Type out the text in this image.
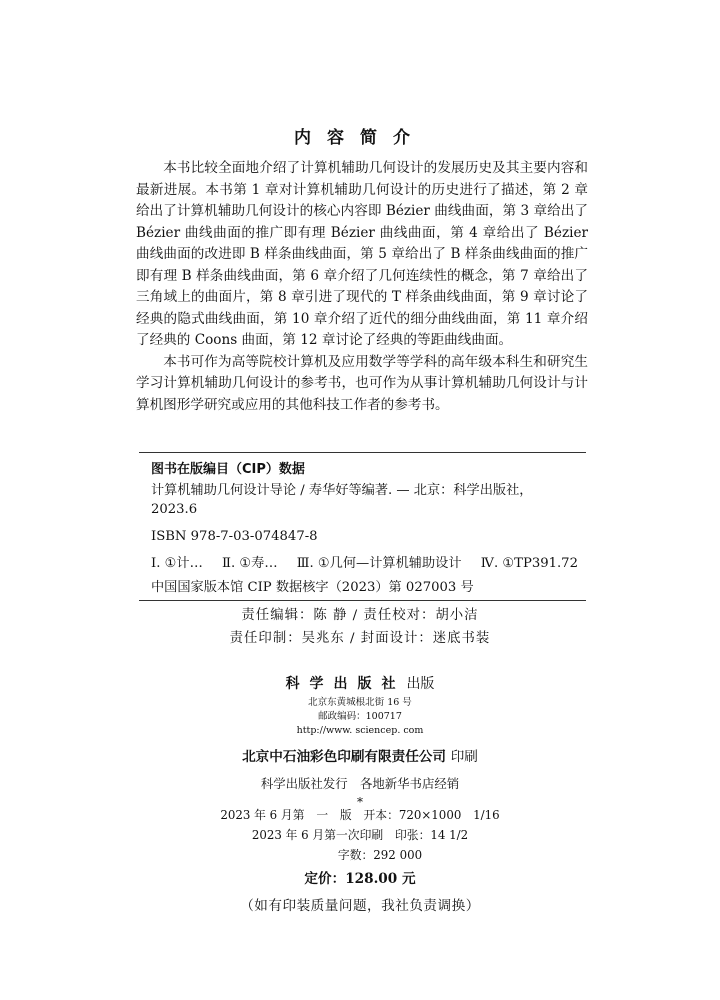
内容简介

本书比较全面地介绍了计算机辅助几何设计的发展历史及其主要内容和最新进展。本书第 1 章对计算机辅助几何设计的历史进行了描述，第 2 章给出了计算机辅助几何设计的核心内容即 Bézier 曲线曲面，第 3 章给出了 Bézier 曲线曲面的推广即有理 Bézier 曲线曲面，第 4 章给出了 Bézier 曲线曲面的改进即 B 样条曲线曲面，第 5 章给出了 B 样条曲线曲面的推广即有理 B 样条曲线曲面，第 6 章介绍了几何连续性的概念，第 7 章给出了三角域上的曲面片，第 8 章引进了现代的 T 样条曲线曲面，第 9 章讨论了经典的隐式曲线曲面，第 10 章介绍了近代的细分曲线曲面，第 11 章介绍了经典的 Coons 曲面，第 12 章讨论了经典的等距曲线曲面。

本书可作为高等院校计算机及应用数学等学科的高年级本科生和研究生学习计算机辅助几何设计的参考书，也可作为从事计算机辅助几何设计与计算机图形学研究或应用的其他科技工作者的参考书。

图书在版编目（CIP）数据
计算机辅助几何设计导论 / 寿华好等编著. — 北京：科学出版社，
2023.6
ISBN 978-7-03-074847-8
Ⅰ. ①计… Ⅱ. ①寿… Ⅲ. ①几何—计算机辅助设计 Ⅳ. ①TP391.72
中国国家版本馆 CIP 数据核字（2023）第 027003 号
责任编辑：陈 静 / 责任校对：胡小洁
责任印制：吴兆东 / 封面设计：迷底书装
科学出版社 出版
北京东黄城根北街 16 号
邮政编码：100717
http://www. sciencep. com
北京中石油彩色印刷有限责任公司 印刷
科学出版社发行　各地新华书店经销
*
2023 年 6 月第　一　版　开本：720×1000　1/16
2023 年 6 月第一次印刷　印张：14 1/2
字数：292 000
定价：128.00 元
（如有印装质量问题，我社负责调换）
